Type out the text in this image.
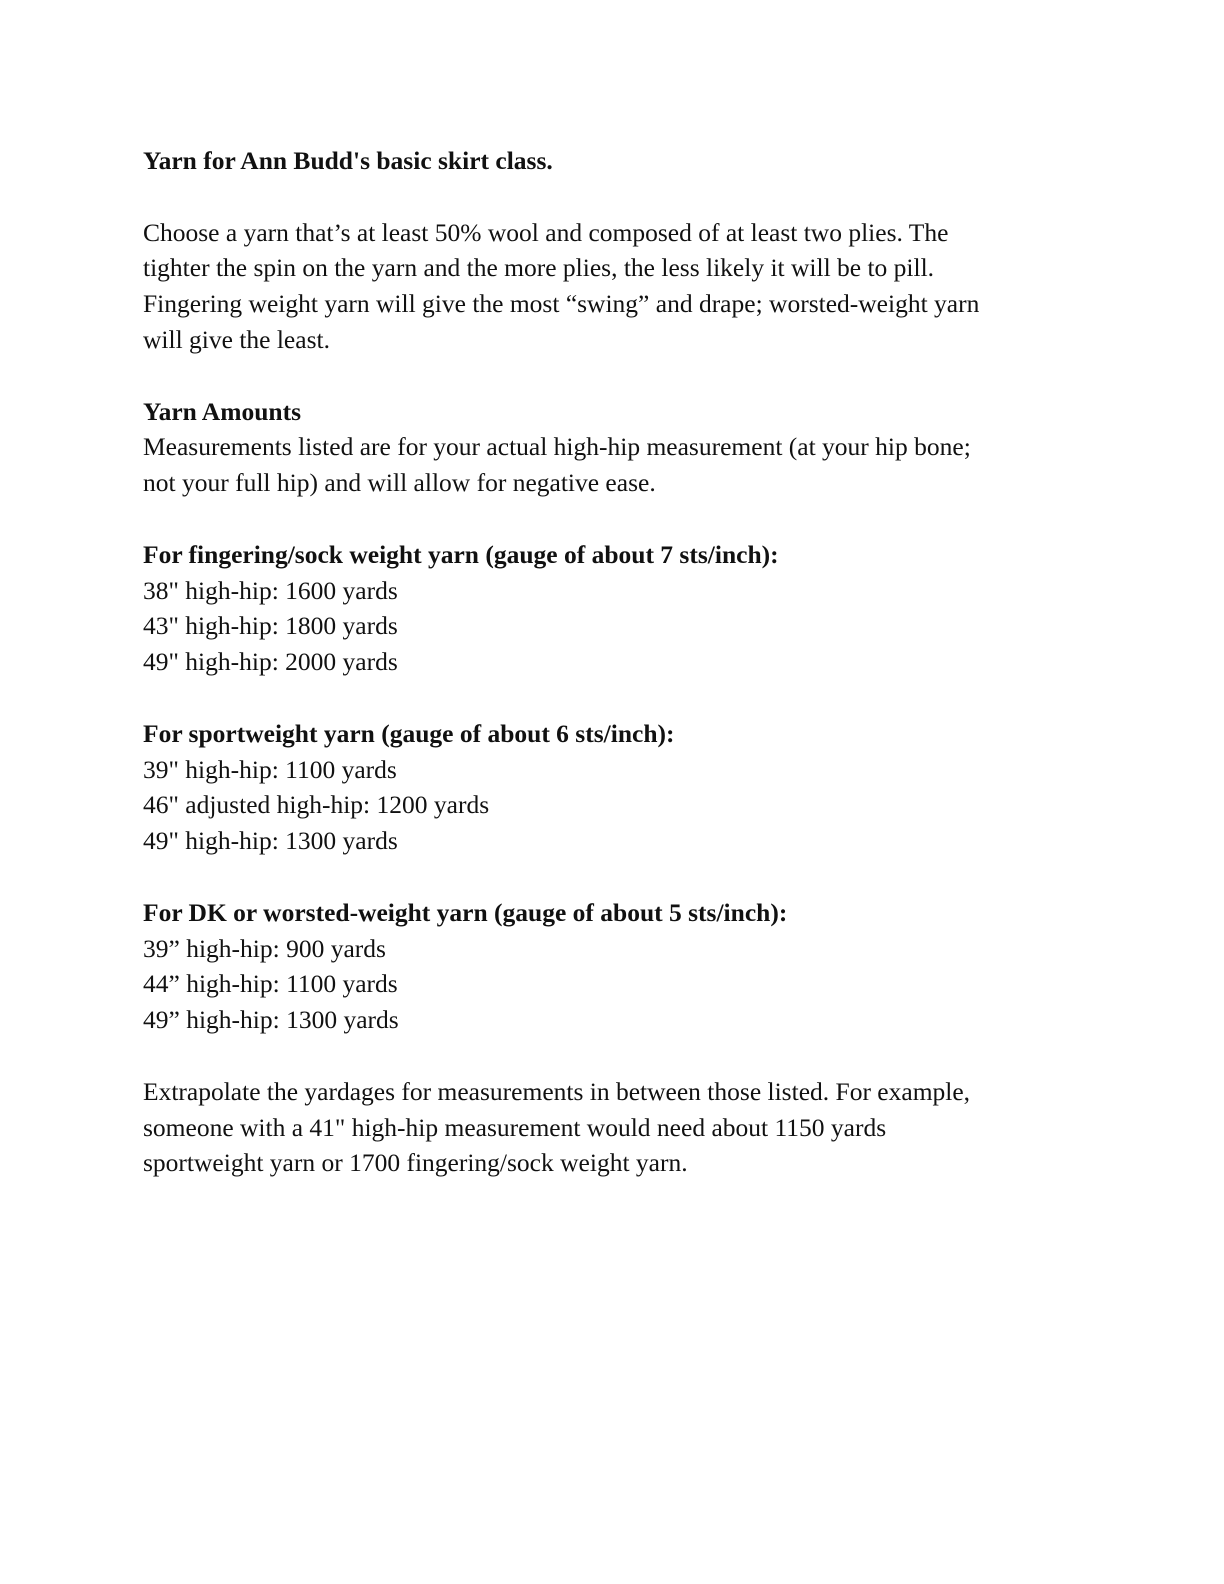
Yarn for Ann Budd's basic skirt class.

Choose a yarn that’s at least 50% wool and composed of at least two plies. The
tighter the spin on the yarn and the more plies, the less likely it will be to pill.
Fingering weight yarn will give the most “swing” and drape; worsted-weight yarn
will give the least.

Yarn Amounts
Measurements listed are for your actual high-hip measurement (at your hip bone;
not your full hip) and will allow for negative ease.
For fingering/sock weight yarn (gauge of about 7 sts/inch):
38" high-hip: 1600 yards
43" high-hip: 1800 yards
49" high-hip: 2000 yards
For sportweight yarn (gauge of about 6 sts/inch):
39" high-hip: 1100 yards
46" adjusted high-hip: 1200 yards
49" high-hip: 1300 yards
For DK or worsted-weight yarn (gauge of about 5 sts/inch):
39” high-hip: 900 yards
44” high-hip: 1100 yards
49” high-hip: 1300 yards

Extrapolate the yardages for measurements in between those listed. For example,
someone with a 41" high-hip measurement would need about 1150 yards
sportweight yarn or 1700 fingering/sock weight yarn.
